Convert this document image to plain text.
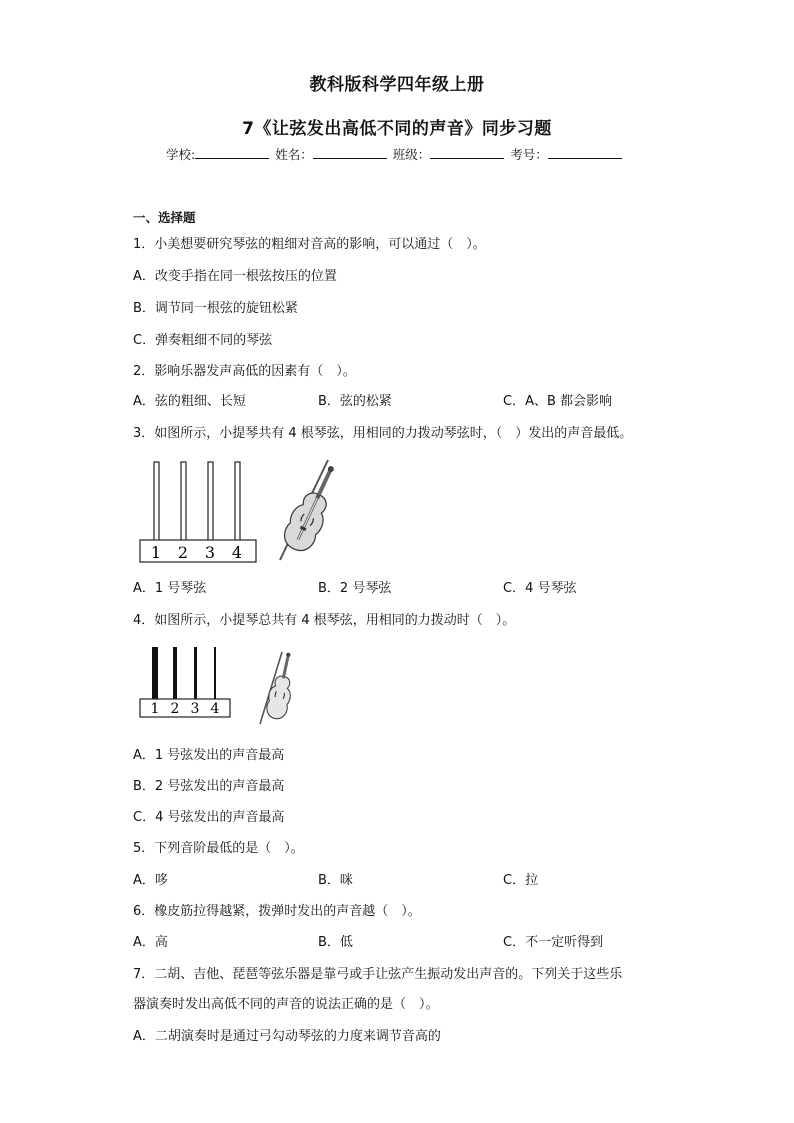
教科版科学四年级上册
7《让弦发出高低不同的声音》同步习题
学校:	姓名：	班级：	考号：
一、选择题
1．小美想要研究琴弦的粗细对音高的影响，可以通过（　）。
A．改变手指在同一根弦按压的位置
B．调节同一根弦的旋钮松紧
C．弹奏粗细不同的琴弦
2．影响乐器发声高低的因素有（　）。
A．弦的粗细、长短	B．弦的松紧	C．A、B 都会影响
3．如图所示，小提琴共有 4 根琴弦，用相同的力拨动琴弦时，（　）发出的声音最低。
1 2 3 4
A．1 号琴弦	B．2 号琴弦	C．4 号琴弦
4．如图所示，小提琴总共有 4 根琴弦，用相同的力拨动时（　）。
1 2 3 4
A．1 号弦发出的声音最高
B．2 号弦发出的声音最高
C．4 号弦发出的声音最高
5．下列音阶最低的是（　）。
A．哆	B．咪	C．拉
6．橡皮筋拉得越紧，拨弹时发出的声音越（　）。
A．高	B．低	C．不一定听得到
7．二胡、吉他、琵琶等弦乐器是靠弓或手让弦产生振动发出声音的。下列关于这些乐
器演奏时发出高低不同的声音的说法正确的是（　）。
A．二胡演奏时是通过弓勾动琴弦的力度来调节音高的
